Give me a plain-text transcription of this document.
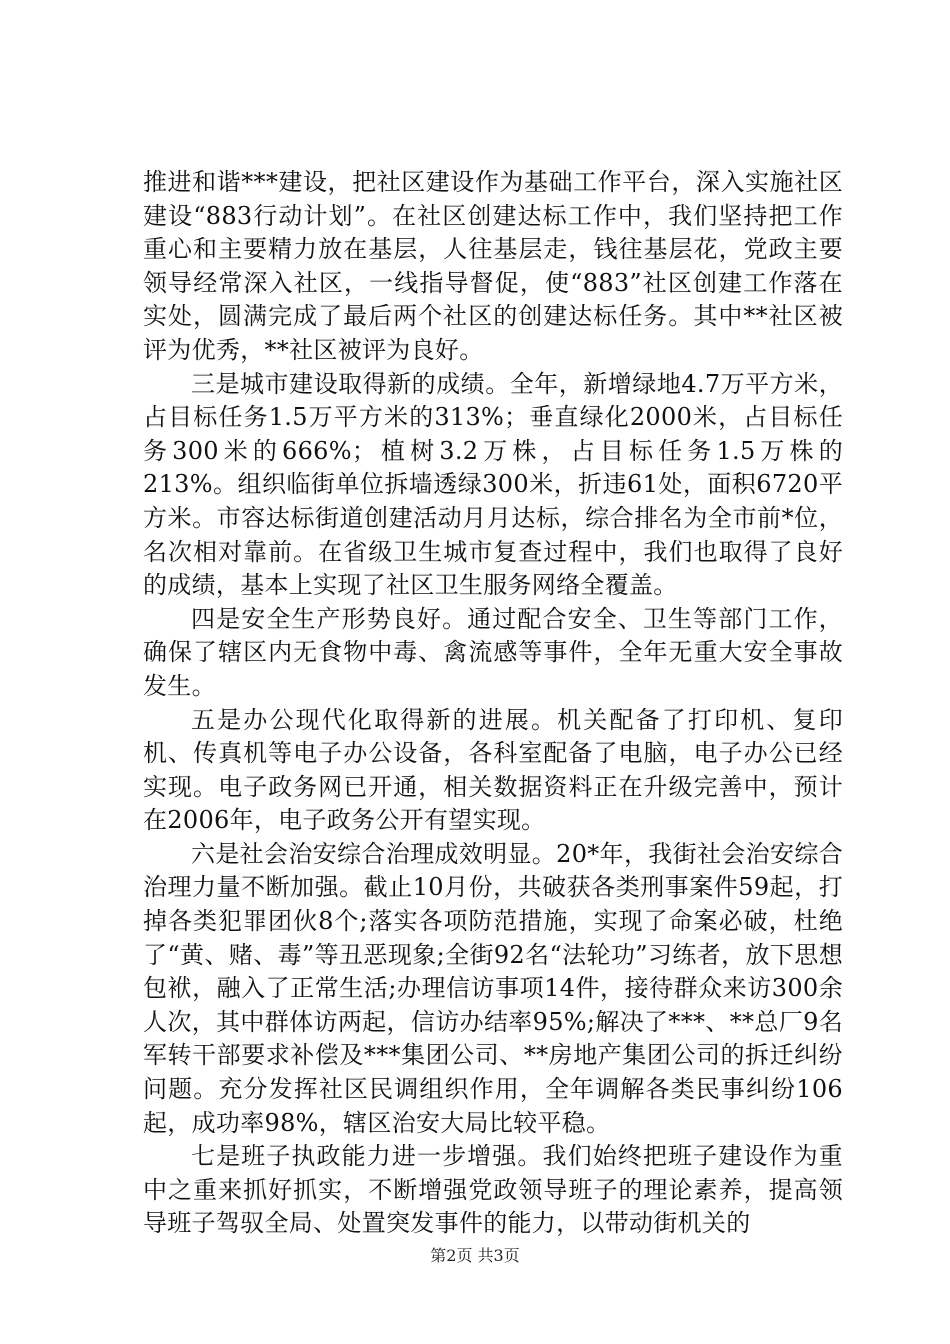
推进和谐***建设，把社区建设作为基础工作平台，深入实施社区建设“883行动计划”。在社区创建达标工作中，我们坚持把工作重心和主要精力放在基层，人往基层走，钱往基层花，党政主要领导经常深入社区，一线指导督促，使“883”社区创建工作落在实处，圆满完成了最后两个社区的创建达标任务。其中**社区被评为优秀，**社区被评为良好。

三是城市建设取得新的成绩。全年，新增绿地4.7万平方米，占目标任务1.5万平方米的313%；垂直绿化2000米，占目标任务300米的666%；植树3.2万株，占目标任务1.5万株的213%。组织临街单位拆墙透绿300米，折违61处，面积6720平方米。市容达标街道创建活动月月达标，综合排名为全市前*位，名次相对靠前。在省级卫生城市复查过程中，我们也取得了良好的成绩，基本上实现了社区卫生服务网络全覆盖。

四是安全生产形势良好。通过配合安全、卫生等部门工作，确保了辖区内无食物中毒、禽流感等事件，全年无重大安全事故发生。

五是办公现代化取得新的进展。机关配备了打印机、复印机、传真机等电子办公设备，各科室配备了电脑，电子办公已经实现。电子政务网已开通，相关数据资料正在升级完善中，预计在2006年，电子政务公开有望实现。

六是社会治安综合治理成效明显。20*年，我街社会治安综合治理力量不断加强。截止10月份，共破获各类刑事案件59起，打掉各类犯罪团伙8个;落实各项防范措施，实现了命案必破，杜绝了“黄、赌、毒”等丑恶现象;全街92名“法轮功”习练者，放下思想包袱，融入了正常生活;办理信访事项14件，接待群众来访300余人次，其中群体访两起，信访办结率95%;解决了***、**总厂9名军转干部要求补偿及***集团公司、**房地产集团公司的拆迁纠纷问题。充分发挥社区民调组织作用，全年调解各类民事纠纷106起，成功率98%，辖区治安大局比较平稳。

七是班子执政能力进一步增强。我们始终把班子建设作为重中之重来抓好抓实，不断增强党政领导班子的理论素养，提高领导班子驾驭全局、处置突发事件的能力，以带动街机关的

第2页 共3页
